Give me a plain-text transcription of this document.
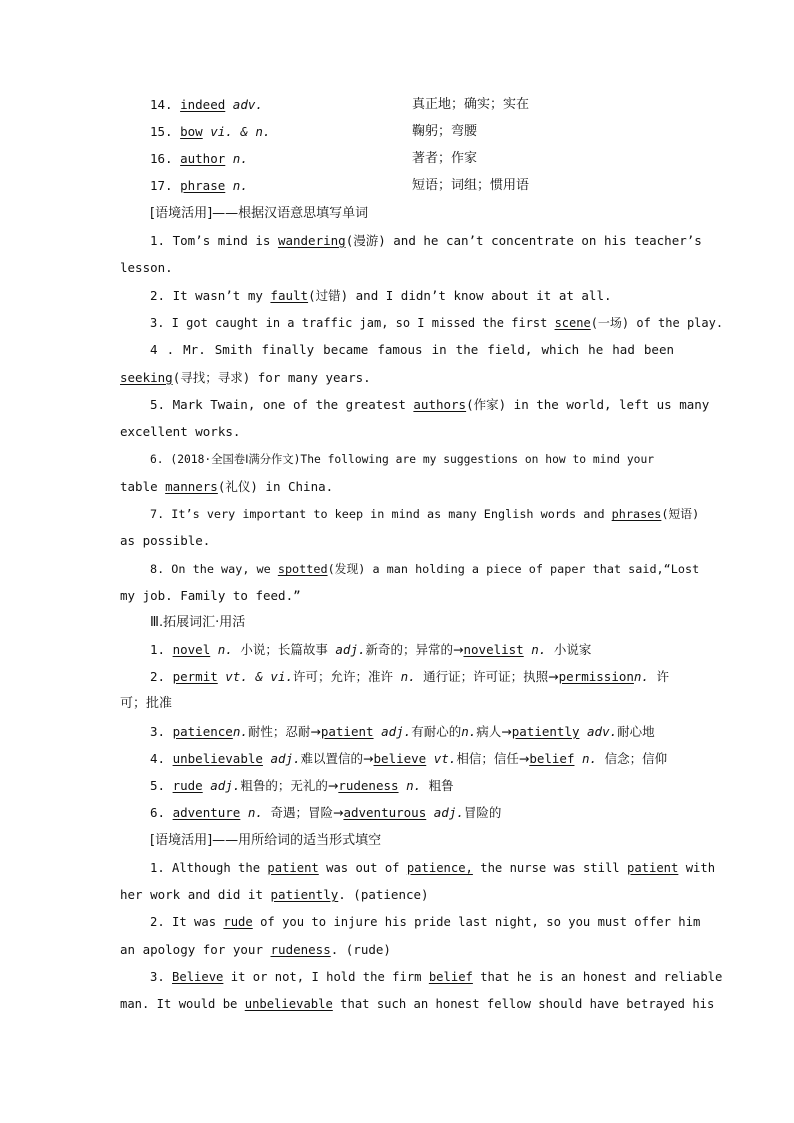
14. indeed adv.	真正地；确实；实在
15. bow vi. & n.	鞠躬；弯腰
16. author n.	著者；作家
17. phrase n.	短语；词组；惯用语
[语境活用]——根据汉语意思填写单词
1. Tom’s mind is wandering(漫游) and he can’t concentrate on his teacher’s
lesson.
2. It wasn’t my fault(过错) and I didn’t know about it at all.
3. I got caught in a traffic jam, so I missed the first scene(一场) of the play.
4 . Mr. Smith finally became famous in the field, which he had been
seeking(寻找；寻求) for many years.
5. Mark Twain, one of the greatest authors(作家) in the world, left us many
excellent works.
6. (2018·全国卷Ⅰ满分作文)The following are my suggestions on how to mind your
table manners(礼仪) in China.
7. It’s very important to keep in mind as many English words and phrases(短语)
as possible.
8. On the way, we spotted(发现) a man holding a piece of paper that said,“Lost
my job. Family to feed.”
Ⅲ.拓展词汇·用活
1. novel n. 小说；长篇故事 adj.新奇的；异常的→novelist n. 小说家
2. permit vt. & vi.许可；允许；准许 n. 通行证；许可证；执照→permissionn. 许
可；批准
3. patiencen.耐性；忍耐→patient adj.有耐心的n.病人→patiently adv.耐心地
4. unbelievable adj.难以置信的→believe vt.相信；信任→belief n. 信念；信仰
5. rude adj.粗鲁的；无礼的→rudeness n. 粗鲁
6. adventure n. 奇遇；冒险→adventurous adj.冒险的
[语境活用]——用所给词的适当形式填空
1. Although the patient was out of patience, the nurse was still patient with
her work and did it patiently. (patience)
2. It was rude of you to injure his pride last night, so you must offer him
an apology for your rudeness. (rude)
3. Believe it or not, I hold the firm belief that he is an honest and reliable
man. It would be unbelievable that such an honest fellow should have betrayed his
